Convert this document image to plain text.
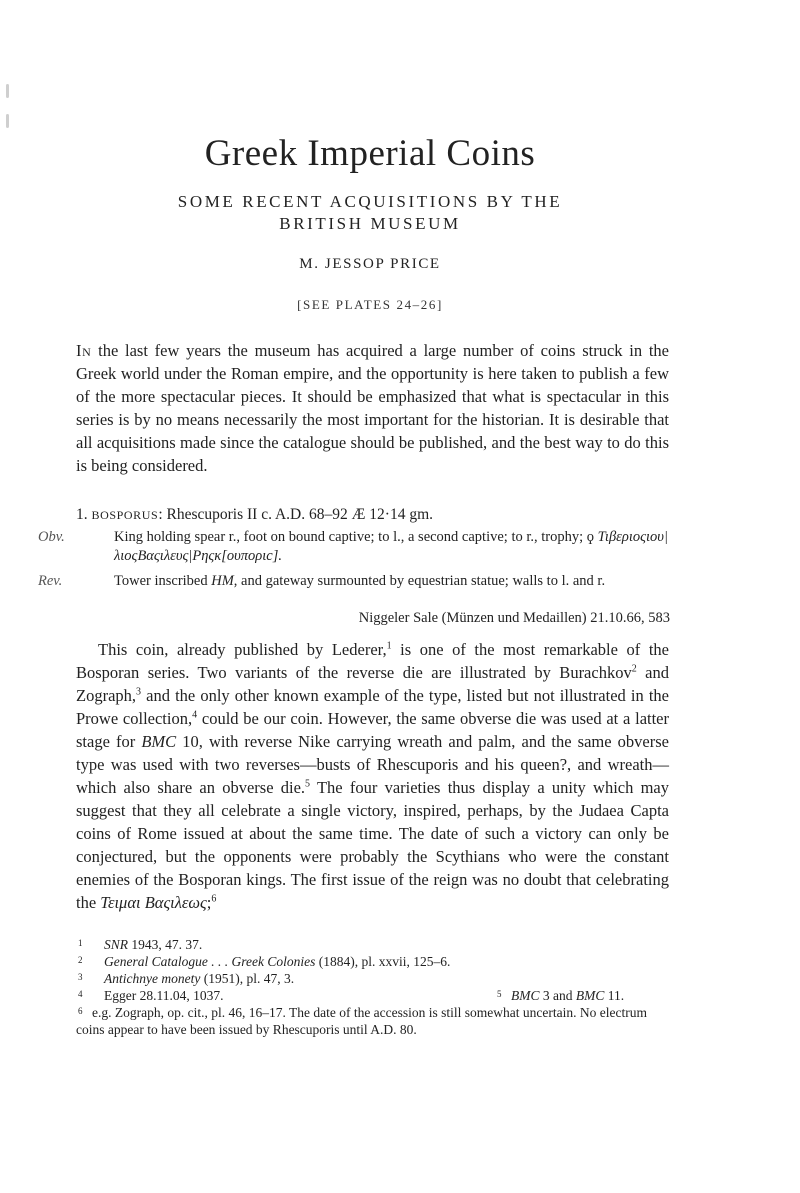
Greek Imperial Coins
SOME RECENT ACQUISITIONS BY THE
BRITISH MUSEUM
M. JESSOP PRICE
[SEE PLATES 24–26]
In the last few years the museum has acquired a large number of coins struck in the Greek world under the Roman empire, and the opportunity is here taken to publish a few of the more spectacular pieces. It should be emphasized that what is spectacular in this series is by no means necessarily the most important for the historian. It is desirable that all acquisitions made since the catalogue should be published, and the best way to do this is being considered.
1. BOSPORUS: Rhescuporis II c. A.D. 68–92 Æ 12·14 gm.
Obv.	King holding spear r., foot on bound captive; to l., a second captive; to r., trophy; ϙ Τιβεριοςιου|λιοςΒαςιλευς|Ρηςκ[ουποριc].
Rev.	Tower inscribed HM, and gateway surmounted by equestrian statue; walls to l. and r.
Niggeler Sale (Münzen und Medaillen) 21.10.66, 583
This coin, already published by Lederer,$^1$ is one of the most remarkable of the Bosporan series. Two variants of the reverse die are illustrated by Burachkov$^2$ and Zograph,$^3$ and the only other known example of the type, listed but not illustrated in the Prowe collection,$^4$ could be our coin. However, the same obverse die was used at a latter stage for BMC 10, with reverse Nike carrying wreath and palm, and the same obverse type was used with two reverses—busts of Rhescuporis and his queen?, and wreath—which also share an obverse die.$^5$ The four varieties thus display a unity which may suggest that they all celebrate a single victory, inspired, perhaps, by the Judaea Capta coins of Rome issued at about the same time. The date of such a victory can only be conjectured, but the opponents were probably the Scythians who were the constant enemies of the Bosporan kings. The first issue of the reign was no doubt that celebrating the Τειμαι Βαςιλεως;$^6$
1 SNR 1943, 47. 37.
2 General Catalogue . . . Greek Colonies (1884), pl. xxvii, 125–6.
3 Antichnye monety (1951), pl. 47, 3.
4 Egger 28.11.04, 1037.	5 BMC 3 and BMC 11.
6 e.g. Zograph, op. cit., pl. 46, 16–17. The date of the accession is still somewhat uncertain. No electrum coins appear to have been issued by Rhescuporis until A.D. 80.
